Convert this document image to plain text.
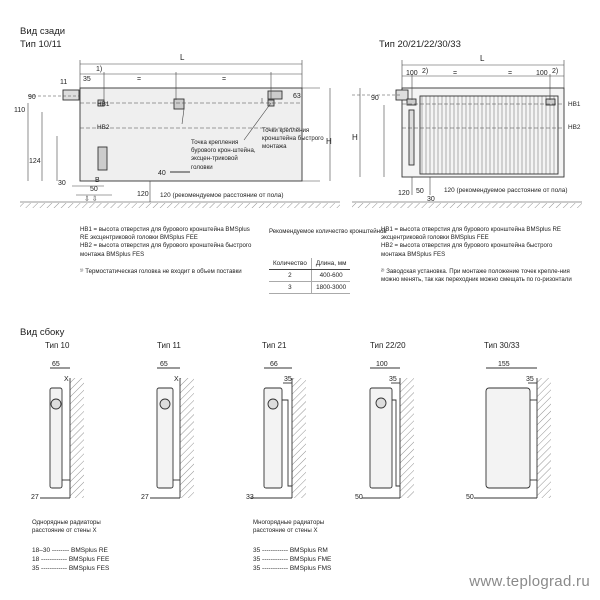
Вид сзади
Тип 10/11	Тип 20/21/22/30/33
⇩ ⇩
L
35
11
1)
=	=
90
110
124
30
50
B
40
63
120
H
НВ1
НВ2
Точка крепления бурового крон-штейна, эксцен-триковой головки
Точки крепления кронштейна быстрого монтажа
120 (рекомендуемое расстояние от пола)
L
100 2)	=	=	100 2)
90
H
50
30
120
НВ1
НВ2
120 (рекомендуемое расстояние от пола)
НВ1 = высота отверстия для бурового кронштейна BMSplus RE эксцентриковой головки BMSplus FEE
НВ2 = высота отверстия для бурового кронштейна быстрого монтажа BMSplus FES
¹⁾ Термостатическая головка не входит в объем поставки
Рекомендуемое количество кронштейнов
Количество	Длина, мм
2	400-600
3	1800-3000
НВ1 = высота отверстия для бурового кронштейна BMSplus RE эксцентриковой головки BMSplus FEE
НВ2 = высота отверстия для бурового кронштейна быстрого монтажа BMSplus FES
²⁾ Заводская установка. При монтаже положение точек крепле-ния можно менять, так как переходник можно смещать по го-ризонтали
Вид сбоку
Тип 10	Тип 11	Тип 21	Тип 22/20	Тип 30/33
65
X
27
65
X
27
66
35
33
100
35
50
155
35
50
Однорядные радиаторы расстояние от стены X
18–30 -------- BMSplus RE
18 ------------ BMSplus FEE
35 ------------ BMSplus FES
Многорядные радиаторы расстояние от стены X
35 ------------ BMSplus RM
35 ------------ BMSplus FME
35 ------------ BMSplus FMS
www.teplograd.ru
